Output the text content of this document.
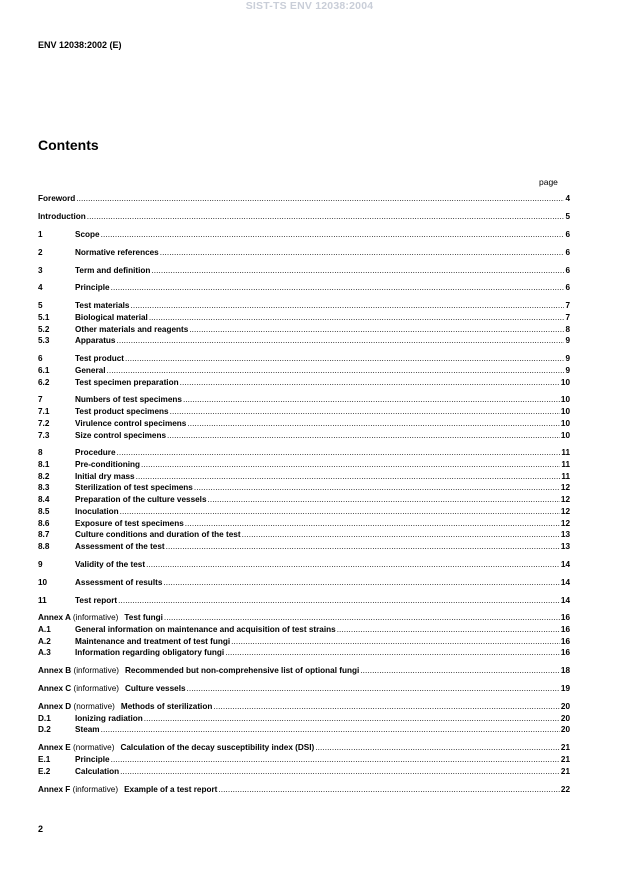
SIST-TS ENV 12038:2004
ENV 12038:2002 (E)
Contents
page
Foreword .....	4
Introduction .....	5
1	Scope .....	6
2	Normative references .....	6
3	Term and definition .....	6
4	Principle .....	6
5	Test materials .....	7
5.1	Biological material .....	7
5.2	Other materials and reagents .....	8
5.3	Apparatus .....	9
6	Test product .....	9
6.1	General .....	9
6.2	Test specimen preparation .....	10
7	Numbers of test specimens .....	10
7.1	Test product specimens .....	10
7.2	Virulence control specimens .....	10
7.3	Size control specimens .....	10
8	Procedure .....	11
8.1	Pre-conditioning .....	11
8.2	Initial dry mass .....	11
8.3	Sterilization of test specimens .....	12
8.4	Preparation of the culture vessels .....	12
8.5	Inoculation .....	12
8.6	Exposure of test specimens .....	12
8.7	Culture conditions and duration of the test .....	13
8.8	Assessment of the test .....	13
9	Validity of the test .....	14
10	Assessment of results .....	14
11	Test report .....	14
Annex A (informative) Test fungi .....	16
A.1	General information on maintenance and acquisition of test strains .....	16
A.2	Maintenance and treatment of test fungi .....	16
A.3	Information regarding obligatory fungi .....	16
Annex B (informative) Recommended but non-comprehensive list of optional fungi .....	18
Annex C (informative) Culture vessels .....	19
Annex D (normative) Methods of sterilization .....	20
D.1	Ionizing radiation .....	20
D.2	Steam .....	20
Annex E (normative) Calculation of the decay susceptibility index (DSI) .....	21
E.1	Principle .....	21
E.2	Calculation .....	21
Annex F (informative) Example of a test report .....	22
2
